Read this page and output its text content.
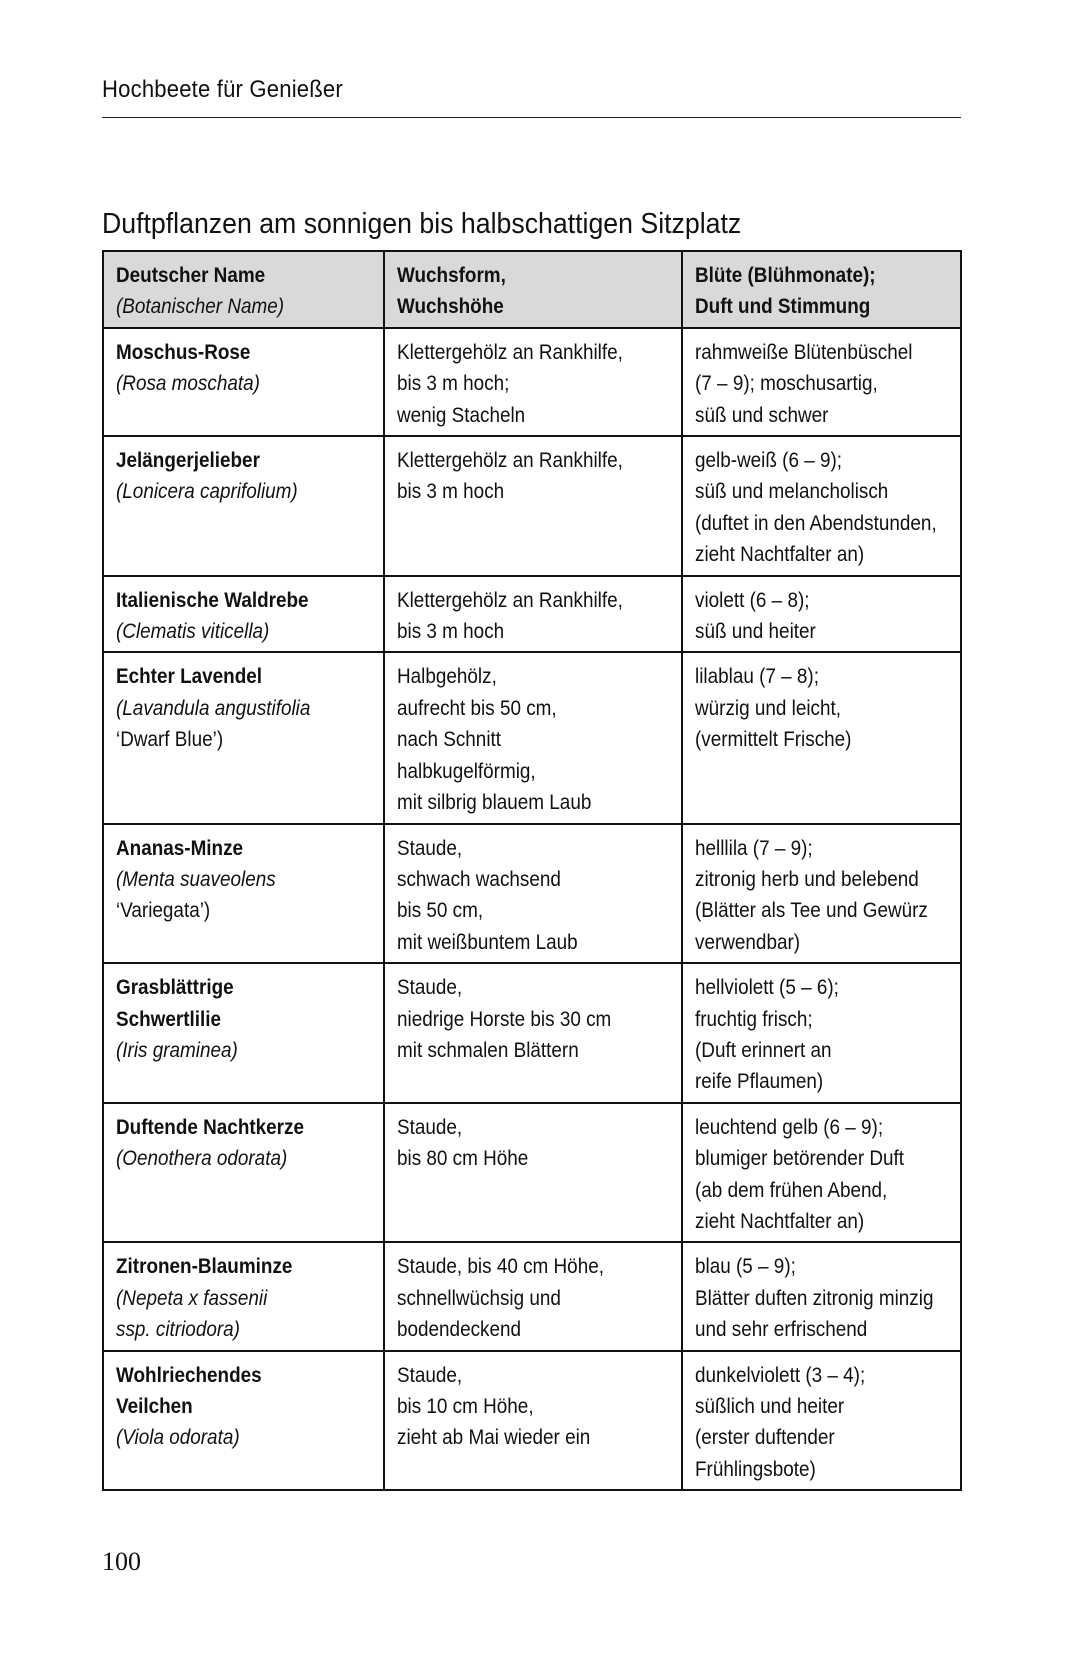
Hochbeete für Genießer
Duftpflanzen am sonnigen bis halbschattigen Sitzplatz
Deutscher Name
(Botanischer Name)	Wuchsform,
Wuchshöhe	Blüte (Blühmonate);
Duft und Stimmung

Moschus-Rose
(Rosa moschata)	Klettergehölz an Rankhilfe,
bis 3 m hoch;
wenig Stacheln	rahmweiße Blütenbüschel
(7 – 9); moschusartig,
süß und schwer

Jelängerjelieber
(Lonicera caprifolium)	Klettergehölz an Rankhilfe,
bis 3 m hoch	gelb-weiß (6 – 9);
süß und melancholisch
(duftet in den Abendstunden,
zieht Nachtfalter an)

Italienische Waldrebe
(Clematis viticella)	Klettergehölz an Rankhilfe,
bis 3 m hoch	violett (6 – 8);
süß und heiter

Echter Lavendel
(Lavandula angustifolia
‘Dwarf Blue’)	Halbgehölz,
aufrecht bis 50 cm,
nach Schnitt
halbkugelförmig,
mit silbrig blauem Laub	lilablau (7 – 8);
würzig und leicht,
(vermittelt Frische)

Ananas-Minze
(Menta suaveolens
‘Variegata’)	Staude,
schwach wachsend
bis 50 cm,
mit weißbuntem Laub	helllila (7 – 9);
zitronig herb und belebend
(Blätter als Tee und Gewürz
verwendbar)

Grasblättrige
Schwertlilie
(Iris graminea)	Staude,
niedrige Horste bis 30 cm
mit schmalen Blättern	hellviolett (5 – 6);
fruchtig frisch;
(Duft erinnert an
reife Pflaumen)

Duftende Nachtkerze
(Oenothera odorata)	Staude,
bis 80 cm Höhe	leuchtend gelb (6 – 9);
blumiger betörender Duft
(ab dem frühen Abend,
zieht Nachtfalter an)

Zitronen-Blauminze
(Nepeta x fassenii
ssp. citriodora)	Staude, bis 40 cm Höhe,
schnellwüchsig und
bodendeckend	blau (5 – 9);
Blätter duften zitronig minzig
und sehr erfrischend

Wohlriechendes
Veilchen
(Viola odorata)	Staude,
bis 10 cm Höhe,
zieht ab Mai wieder ein	dunkelviolett (3 – 4);
süßlich und heiter
(erster duftender
Frühlingsbote)
100
